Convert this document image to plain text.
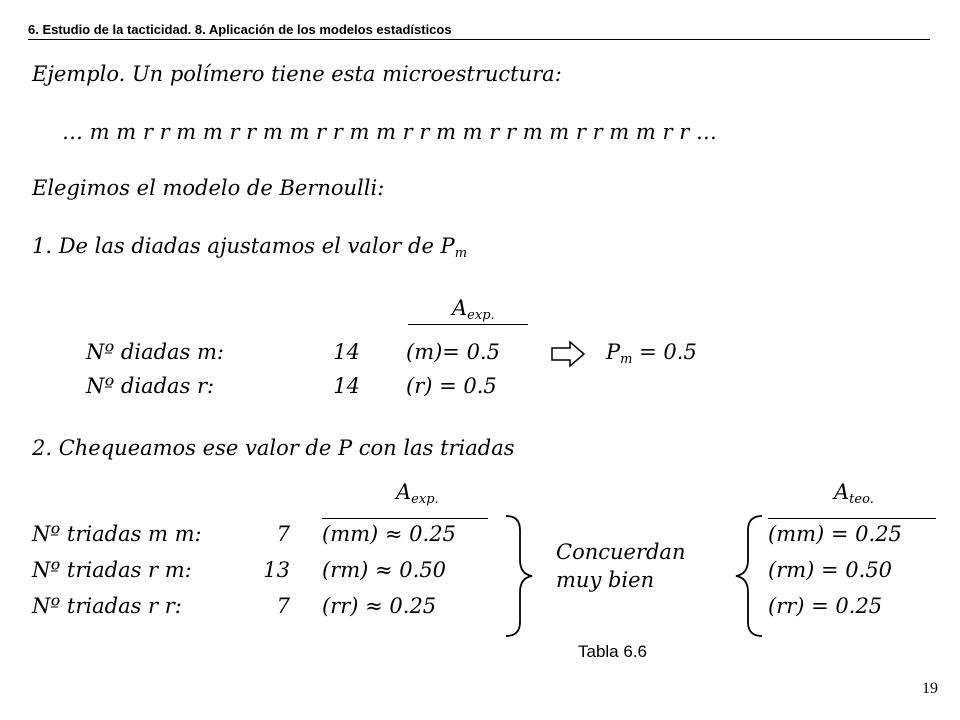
6. Estudio de la tacticidad. 8. Aplicación de los modelos estadísticos
Ejemplo. Un polímero tiene esta microestructura:
… m m r r m m r r m m r r m m r r m m r r m m r r m m r r …
Elegimos el modelo de Bernoulli:
1. De las diadas ajustamos el valor de $P_m$
$A_{exp.}$
Nº diadas m:	14 (m)= 0.5
Nº diadas r:	14 (r) = 0.5
$P_m = 0.5$
2. Chequeamos ese valor de P con las triadas
$A_{exp.}$	$A_{teo.}$
Nº triadas m m:	7 (mm) ≈ 0.25	(mm) = 0.25
Nº triadas r m:	13 (rm) ≈ 0.50	(rm) = 0.50
Nº triadas r r:	7 (rr) ≈ 0.25	(rr) = 0.25
Concuerdan
muy bien
Tabla 6.6
19
